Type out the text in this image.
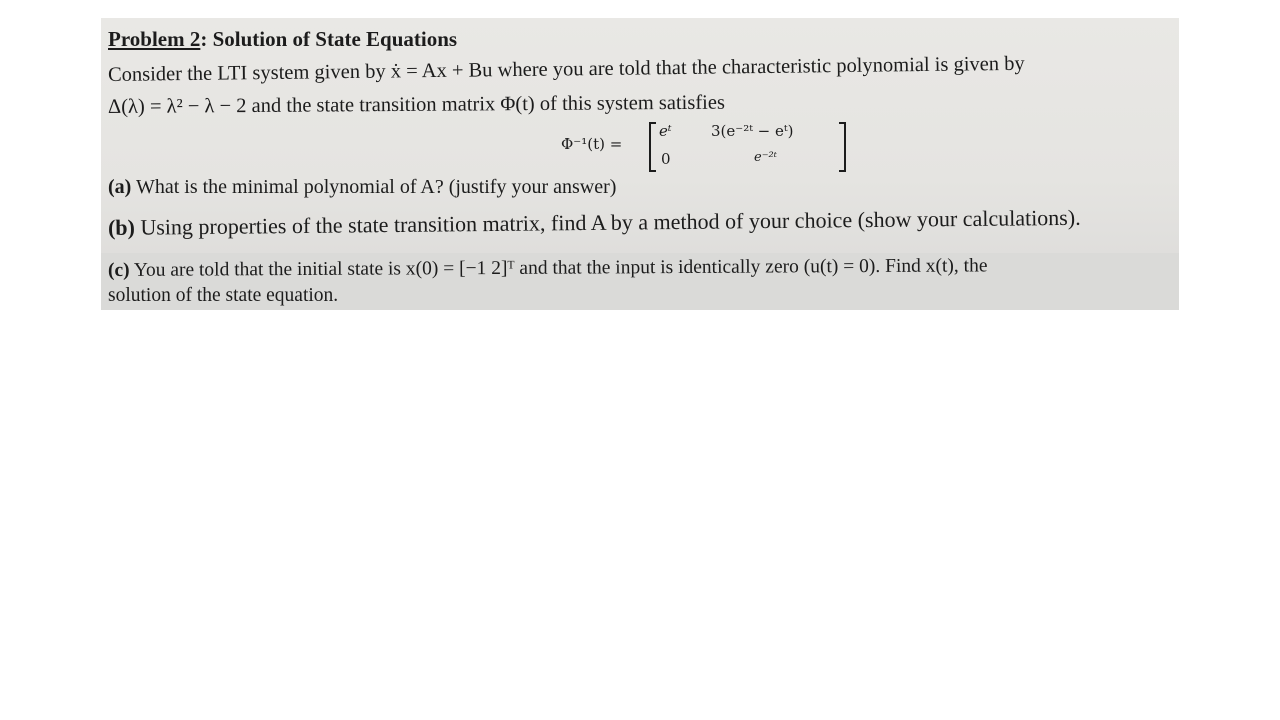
Problem 2: Solution of State Equations
Consider the LTI system given by ẋ = Ax + Bu where you are told that the characteristic polynomial is given by
Δ(λ) = λ² − λ − 2 and the state transition matrix Φ(t) of this system satisfies
Φ⁻¹(t) =
eᵗ	3(e⁻²ᵗ − eᵗ)
0	e⁻²ᵗ
(a) What is the minimal polynomial of A? (justify your answer)
(b) Using properties of the state transition matrix, find A by a method of your choice (show your calculations).
(c) You are told that the initial state is x(0) = [−1 2]ᵀ and that the input is identically zero (u(t) = 0). Find x(t), the
solution of the state equation.
